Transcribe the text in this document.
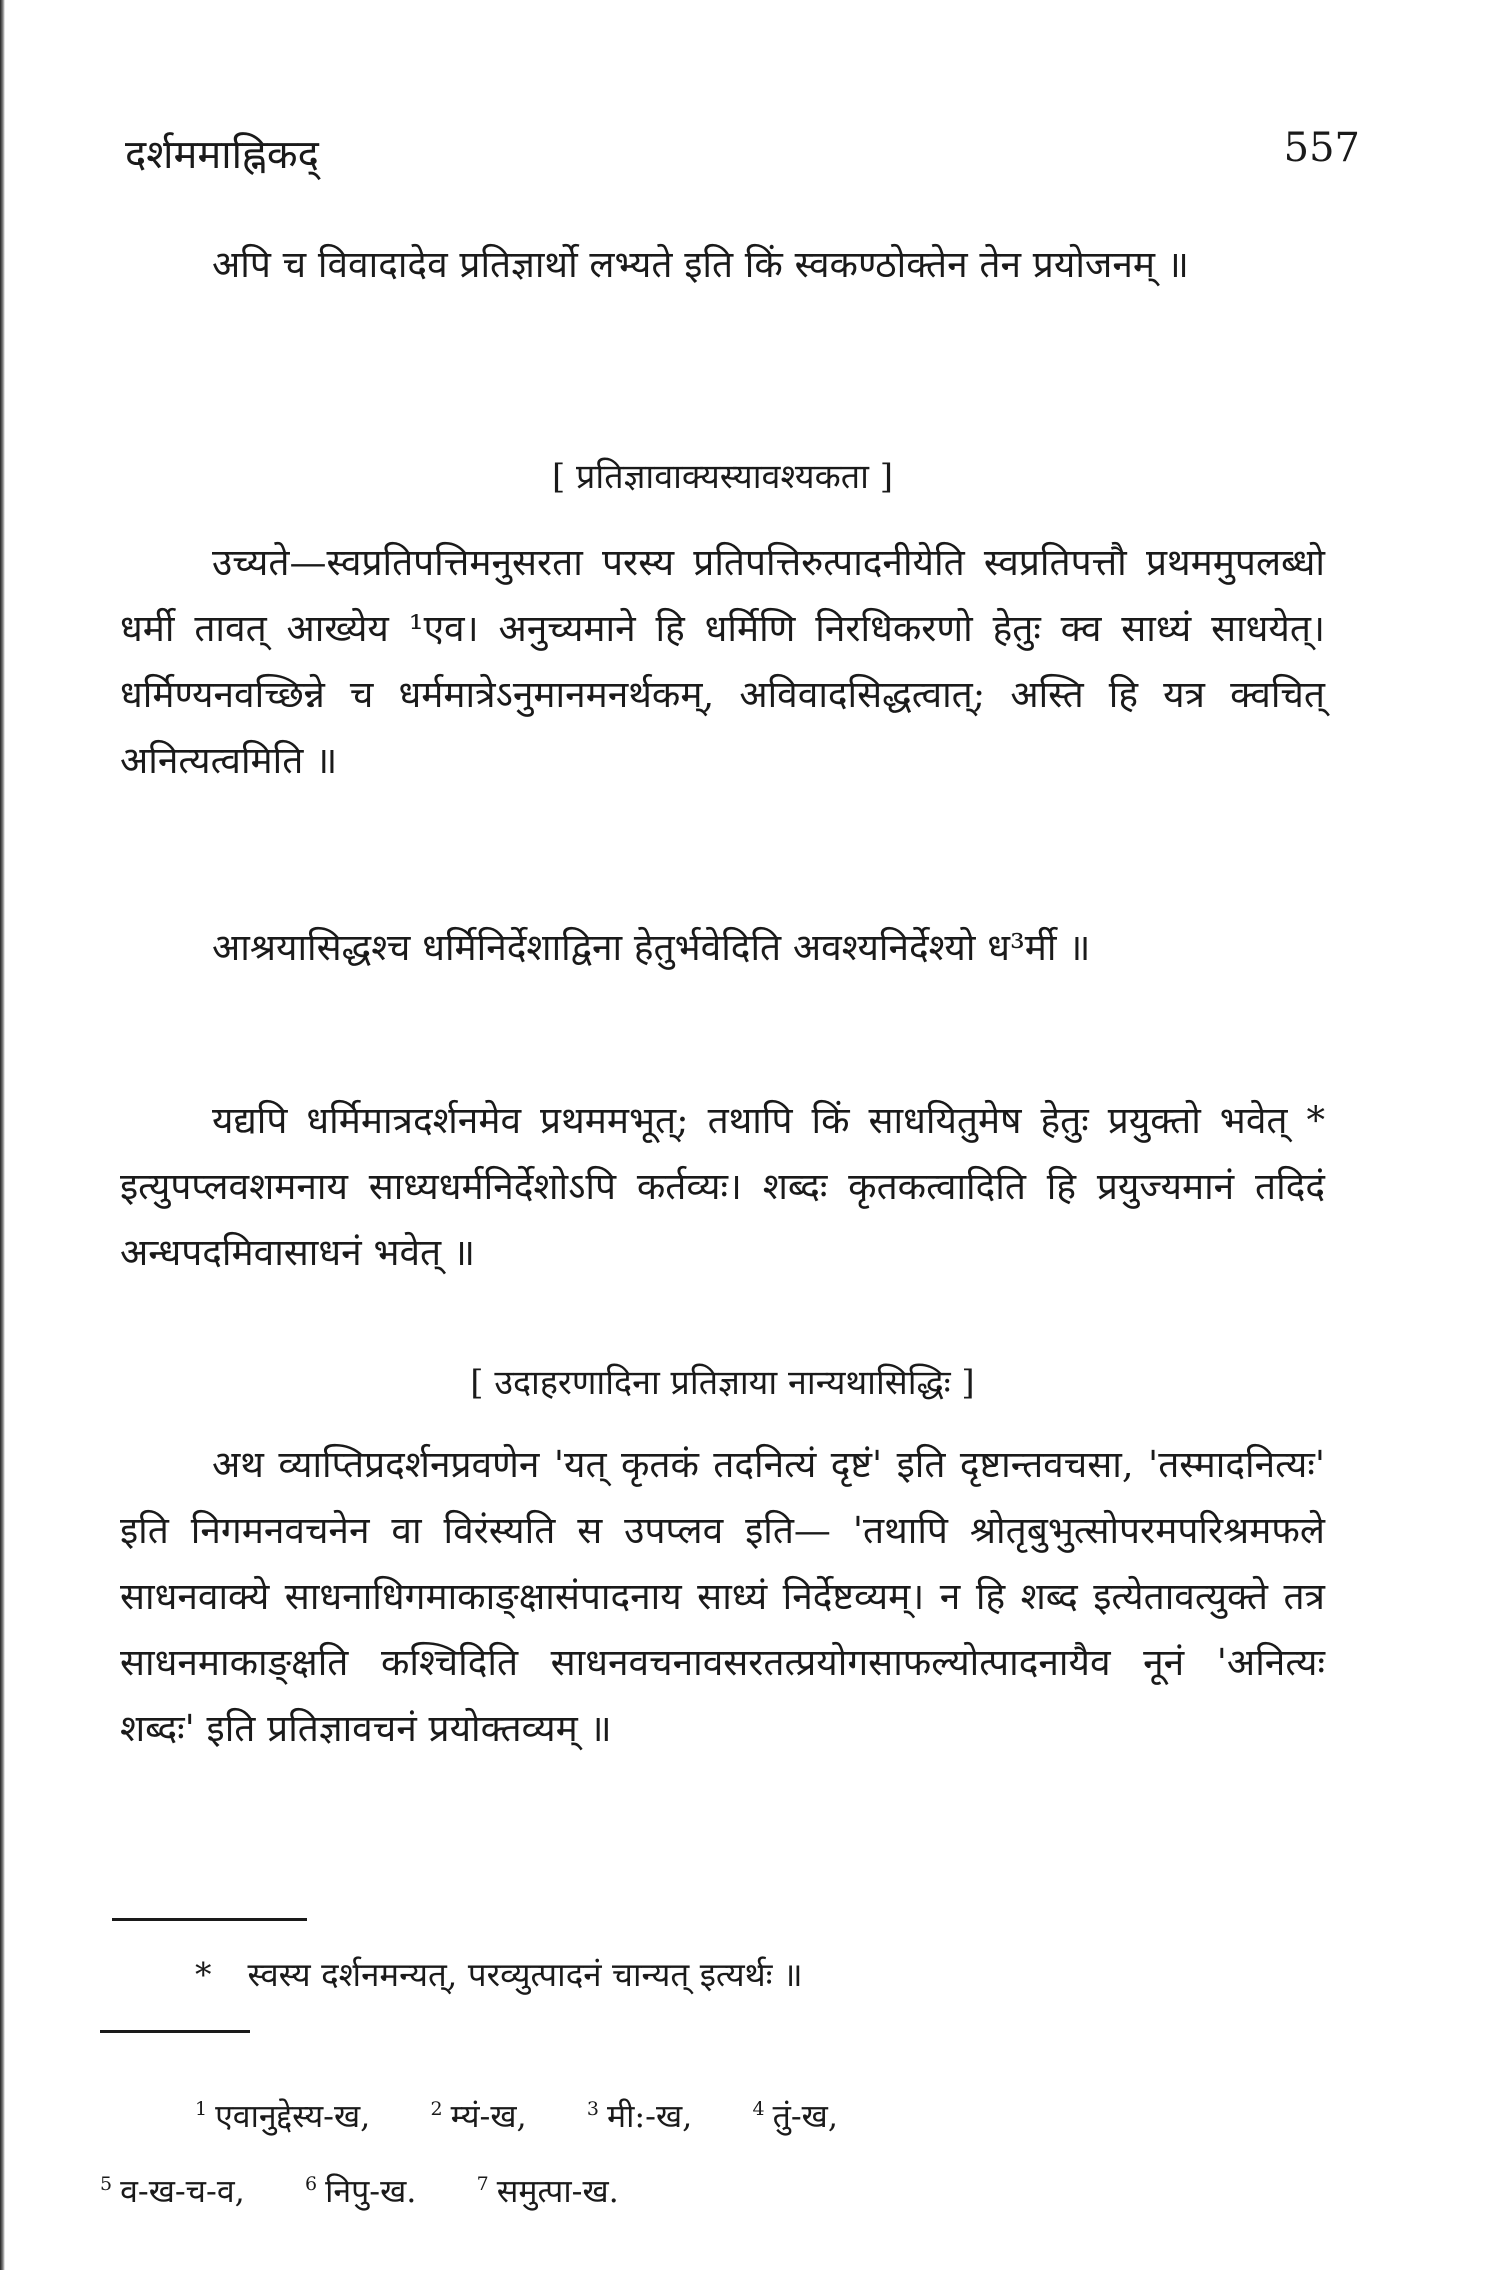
दर्शममाह्निकद्	557

अपि च विवादादेव प्रतिज्ञार्थो लभ्यते इति किं स्वकण्ठोक्तेन तेन प्रयोजनम् ॥

[ प्रतिज्ञावाक्यस्यावश्यकता ]

उच्यते—स्वप्रतिपत्तिमनुसरता परस्य प्रतिपत्तिरुत्पादनीयेति स्वप्रतिपत्तौ प्रथममुपलब्धो धर्मी तावत् आख्येय ¹एव। अनुच्यमाने हि धर्मिणि निरधिकरणो हेतुः क्व साध्यं साधयेत्। धर्मिण्यनवच्छिन्ने च धर्ममात्रेऽनुमानमनर्थकम्, अविवादसिद्धत्वात्; अस्ति हि यत्र क्वचित् अनित्यत्वमिति ॥

आश्रयासिद्धश्च धर्मिनिर्देशाद्विना हेतुर्भवेदिति अवश्यनिर्देश्यो ध³र्मी ॥

यद्यपि धर्मिमात्रदर्शनमेव प्रथममभूत्; तथापि किं साधयितुमेष हेतुः प्रयुक्तो भवेत् * इत्युपप्लवशमनाय साध्यधर्मनिर्देशोऽपि कर्तव्यः। शब्दः कृतकत्वादिति हि प्रयुज्यमानं तदिदं अन्धपदमिवासाधनं भवेत् ॥

[ उदाहरणादिना प्रतिज्ञाया नान्यथासिद्धिः ]

अथ व्याप्तिप्रदर्शनप्रवणेन 'यत् कृतकं तदनित्यं दृष्टं' इति दृष्टान्तवचसा, 'तस्मादनित्यः' इति निगमनवचनेन वा विरंस्यति स उपप्लव इति— 'तथापि श्रोतृबुभुत्सोपरमपरिश्रमफले साधनवाक्ये साधनाधिगमाकाङ्क्षासंपादनाय साध्यं निर्देष्टव्यम्। न हि शब्द इत्येतावत्युक्ते तत्र साधनमाकाङ्क्षति कश्चिदिति साधनवचनावसरतत्प्रयोगसाफल्योत्पादनायैव नूनं 'अनित्यः शब्दः' इति प्रतिज्ञावचनं प्रयोक्तव्यम् ॥

* स्वस्य दर्शनमन्यत्, परव्युत्पादनं चान्यत् इत्यर्थः ॥
$^1$ एवानुद्देस्य-ख,	$^2$ म्यं-ख,	$^3$ मी:-ख,	$^4$ तुं-ख,
$^5$ व-ख-च-व,	$^6$ निपु-ख.	$^7$ समुत्पा-ख.
